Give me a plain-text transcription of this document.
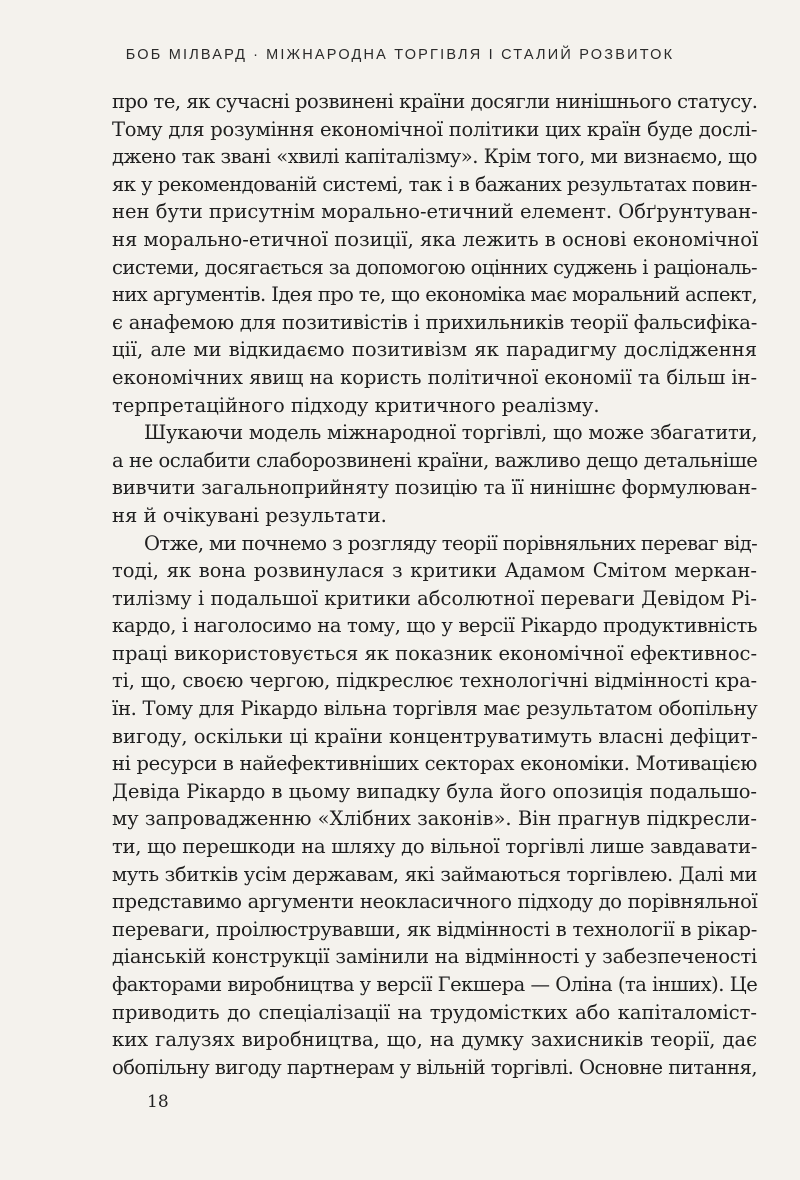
БОБ МІЛВАРД · МІЖНАРОДНА ТОРГІВЛЯ І СТАЛИЙ РОЗВИТОК
про те, як сучасні розвинені країни досягли нинішнього статусу.
Тому для розуміння економічної політики цих країн буде дослі-
джено так звані «хвилі капіталізму». Крім того, ми визнаємо, що
як у рекомендованій системі, так і в бажаних результатах повин-
нен бути присутнім морально-етичний елемент. Обґрунтуван-
ня морально-етичної позиції, яка лежить в основі економічної
системи, досягається за допомогою оцінних суджень і раціональ-
них аргументів. Ідея про те, що економіка має моральний аспект,
є анафемою для позитивістів і прихильників теорії фальсифіка-
ції, але ми відкидаємо позитивізм як парадигму дослідження
економічних явищ на користь політичної економії та більш ін-
терпретаційного підходу критичного реалізму.
Шукаючи модель міжнародної торгівлі, що може збагатити,
а не ослабити слаборозвинені країни, важливо дещо детальніше
вивчити загальноприйняту позицію та її нинішнє формулюван-
ня й очікувані результати.
Отже, ми почнемо з розгляду теорії порівняльних переваг від-
тоді, як вона розвинулася з критики Адамом Смітом меркан-
тилізму і подальшої критики абсолютної переваги Девідом Рі-
кардо, і наголосимо на тому, що у версії Рікардо продуктивність
праці використовується як показник економічної ефективнос-
ті, що, своєю чергою, підкреслює технологічні відмінності кра-
їн. Тому для Рікардо вільна торгівля має результатом обопільну
вигоду, оскільки ці країни концентруватимуть власні дефіцит-
ні ресурси в найефективніших секторах економіки. Мотивацією
Девіда Рікардо в цьому випадку була його опозиція подальшо-
му запровадженню «Хлібних законів». Він прагнув підкресли-
ти, що перешкоди на шляху до вільної торгівлі лише завдавати-
муть збитків усім державам, які займаються торгівлею. Далі ми
представимо аргументи неокласичного підходу до порівняльної
переваги, проілюструвавши, як відмінності в технології в рікар-
діанській конструкції замінили на відмінності у забезпеченості
факторами виробництва у версії Гекшера — Оліна (та інших). Це
приводить до спеціалізації на трудомістких або капіталоміст-
ких галузях виробництва, що, на думку захисників теорії, дає
обопільну вигоду партнерам у вільній торгівлі. Основне питання,
18
